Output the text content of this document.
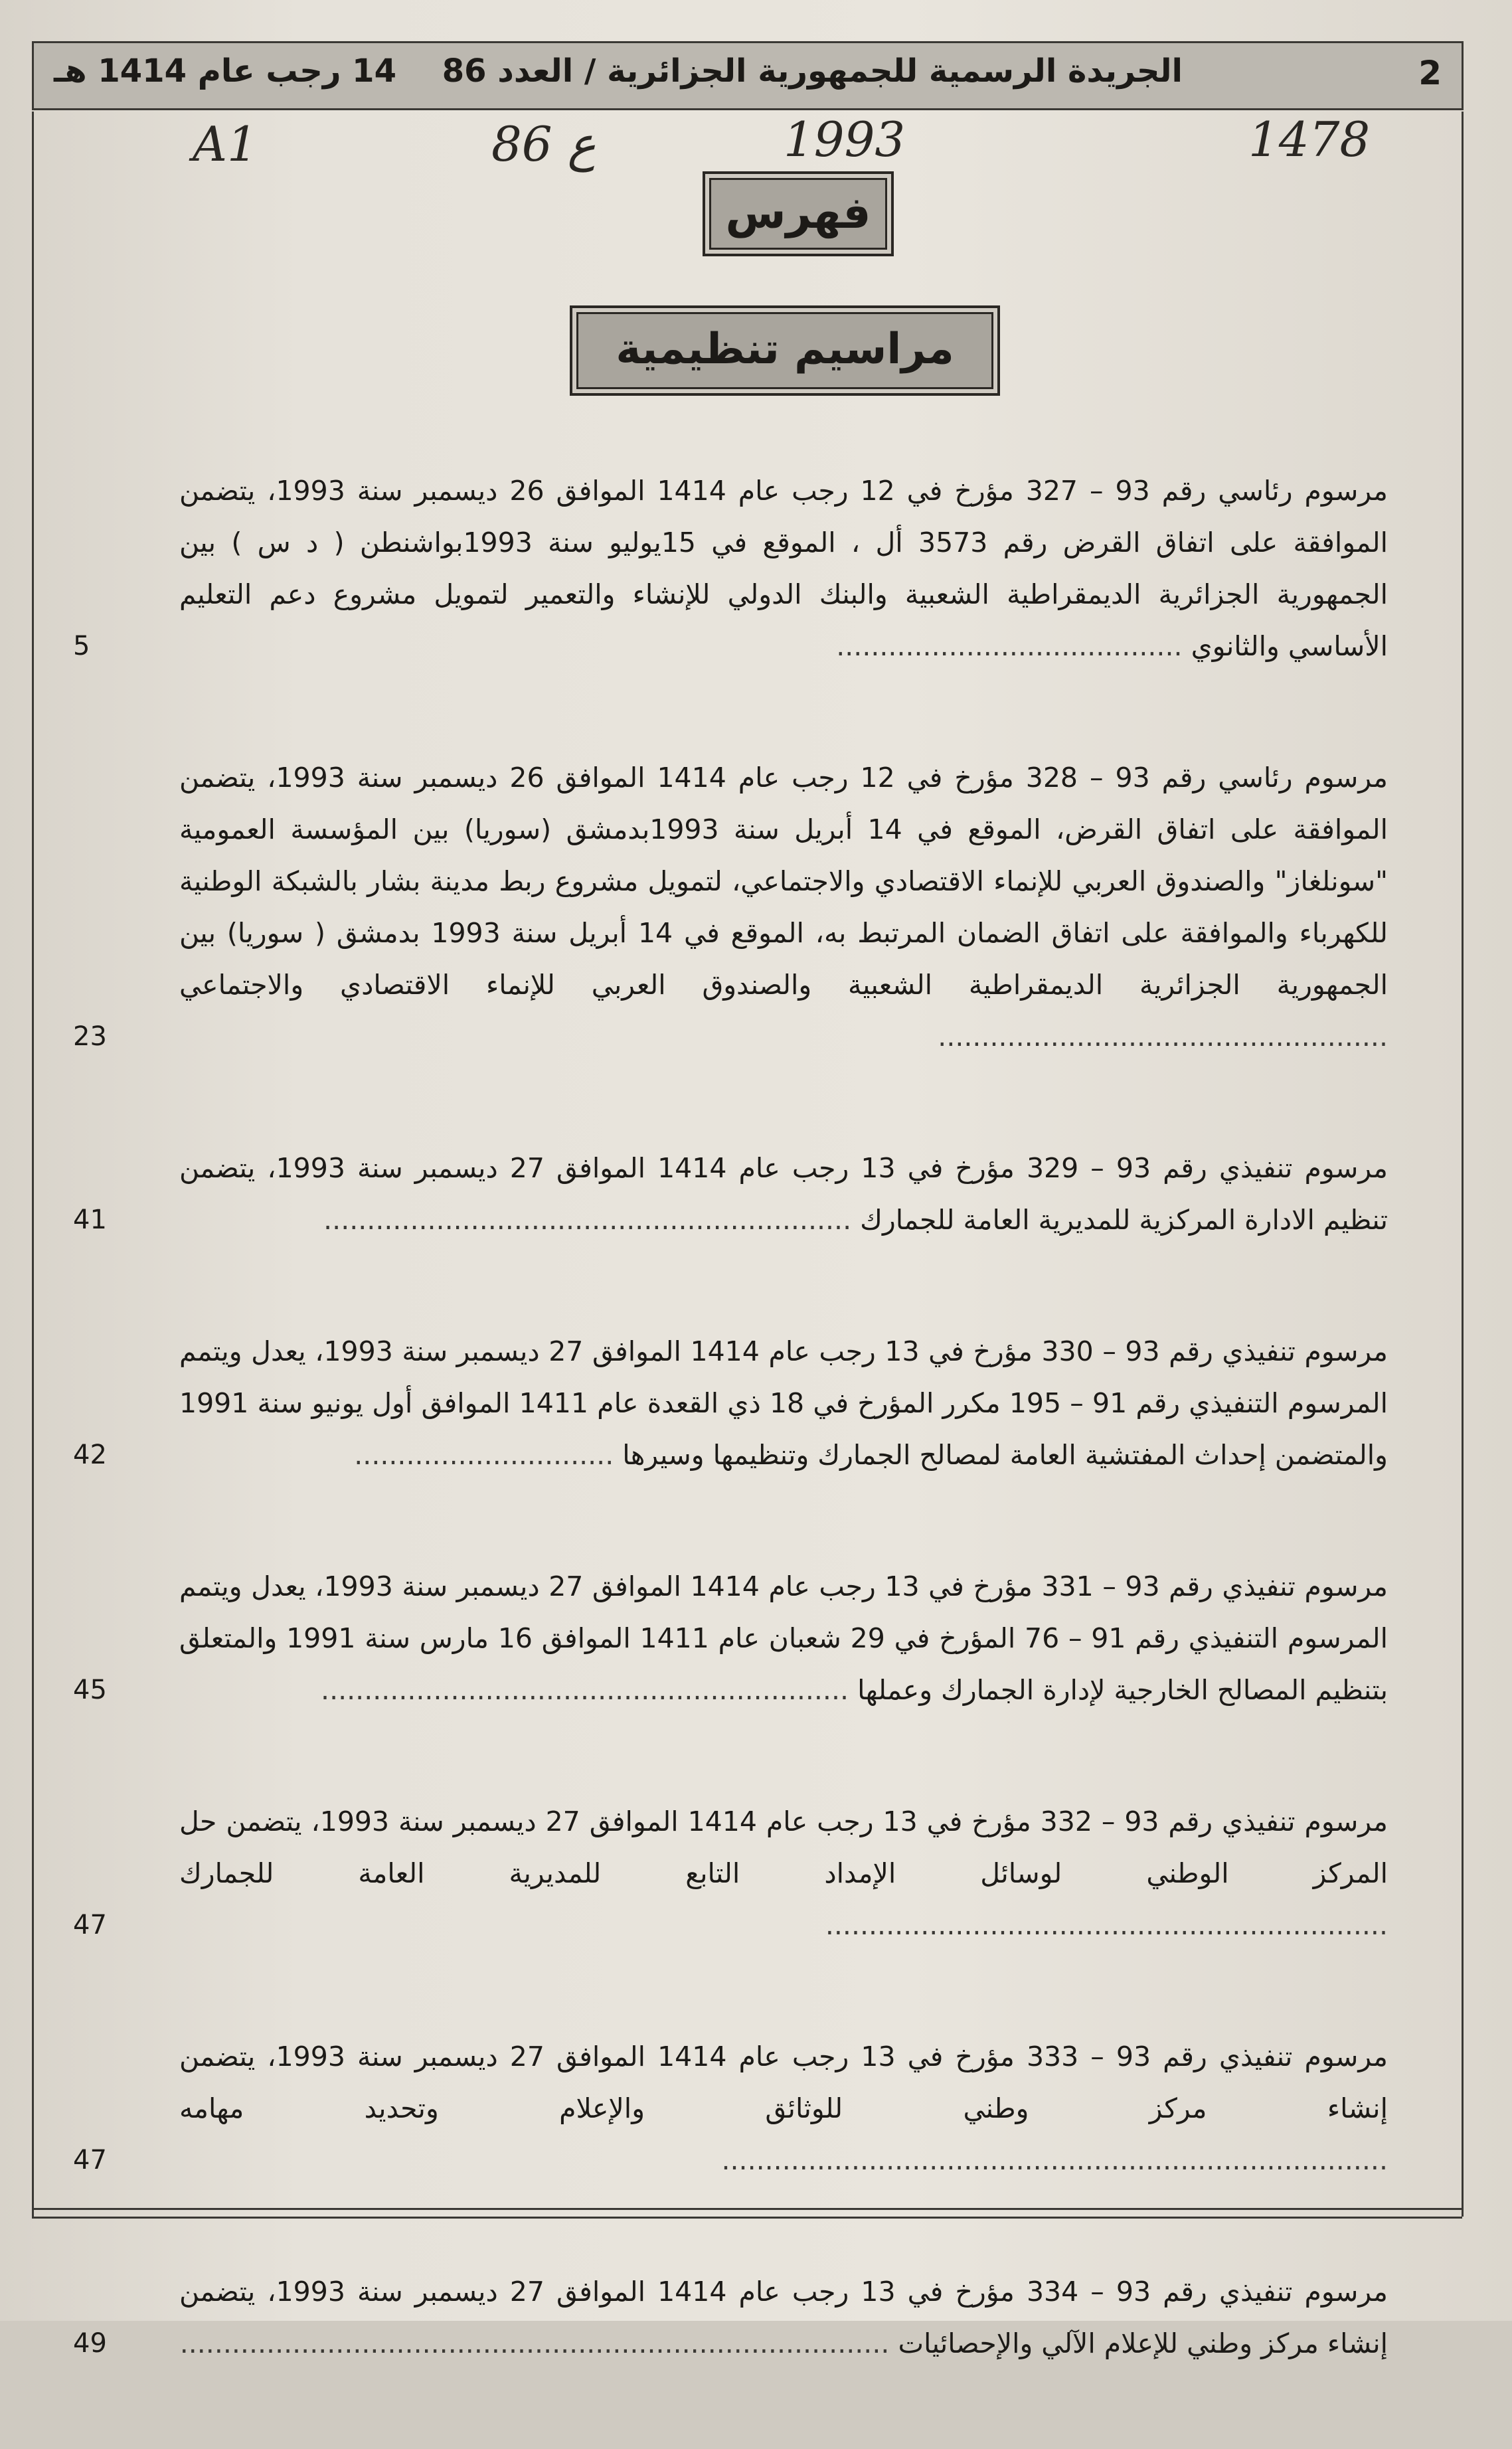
2
الجريدة الرسمية للجمهورية الجزائرية / العدد 86
14 رجب عام 1414 هـ
A1	86 ع	1993	1478
فهرس
مراسيم تنظيمية
مرسوم رئاسي رقم 93 – 327 مؤرخ في 12 رجب عام 1414 الموافق 26 ديسمبر سنة 1993، يتضمن الموافقة على اتفاق القرض رقم 3573 أل ، الموقع في 15يوليو سنة 1993بواشنطن ( د س ) بين الجمهورية الجزائرية الديمقراطية الشعبية والبنك الدولي للإنشاء والتعمير لتمويل مشروع دعم التعليم الأساسي والثانوي ........................................
5
مرسوم رئاسي رقم 93 – 328 مؤرخ في 12 رجب عام 1414 الموافق 26 ديسمبر سنة 1993، يتضمن الموافقة على اتفاق القرض، الموقع في 14 أبريل سنة 1993بدمشق (سوريا) بين المؤسسة العمومية "سونلغاز" والصندوق العربي للإنماء الاقتصادي والاجتماعي، لتمويل مشروع ربط مدينة بشار بالشبكة الوطنية للكهرباء والموافقة على اتفاق الضمان المرتبط به، الموقع في 14 أبريل سنة 1993 بدمشق ( سوريا) بين الجمهورية الجزائرية الديمقراطية الشعبية والصندوق العربي للإنماء الاقتصادي والاجتماعي ....................................................
23
مرسوم تنفيذي رقم 93 – 329 مؤرخ في 13 رجب عام 1414 الموافق 27 ديسمبر سنة 1993، يتضمن تنظيم الادارة المركزية للمديرية العامة للجمارك .............................................................
41
مرسوم تنفيذي رقم 93 – 330 مؤرخ في 13 رجب عام 1414 الموافق 27 ديسمبر سنة 1993، يعدل ويتمم المرسوم التنفيذي رقم 91 – 195 مكرر المؤرخ في 18 ذي القعدة عام 1411 الموافق أول يونيو سنة 1991 والمتضمن إحداث المفتشية العامة لمصالح الجمارك وتنظيمها وسيرها ..............................
42
مرسوم تنفيذي رقم 93 – 331 مؤرخ في 13 رجب عام 1414 الموافق 27 ديسمبر سنة 1993، يعدل ويتمم المرسوم التنفيذي رقم 91 – 76 المؤرخ في 29 شعبان عام 1411 الموافق 16 مارس سنة 1991 والمتعلق بتنظيم المصالح الخارجية لإدارة الجمارك وعملها .............................................................
45
مرسوم تنفيذي رقم 93 – 332 مؤرخ في 13 رجب عام 1414 الموافق 27 ديسمبر سنة 1993، يتضمن حل المركز الوطني لوسائل الإمداد التابع للمديرية العامة للجمارك .................................................................
47
مرسوم تنفيذي رقم 93 – 333 مؤرخ في 13 رجب عام 1414 الموافق 27 ديسمبر سنة 1993، يتضمن إنشاء مركز وطني للوثائق والإعلام وتحديد مهامه .............................................................................
47
مرسوم تنفيذي رقم 93 – 334 مؤرخ في 13 رجب عام 1414 الموافق 27 ديسمبر سنة 1993، يتضمن إنشاء مركز وطني للإعلام الآلي والإحصائيات ..................................................................................
49
